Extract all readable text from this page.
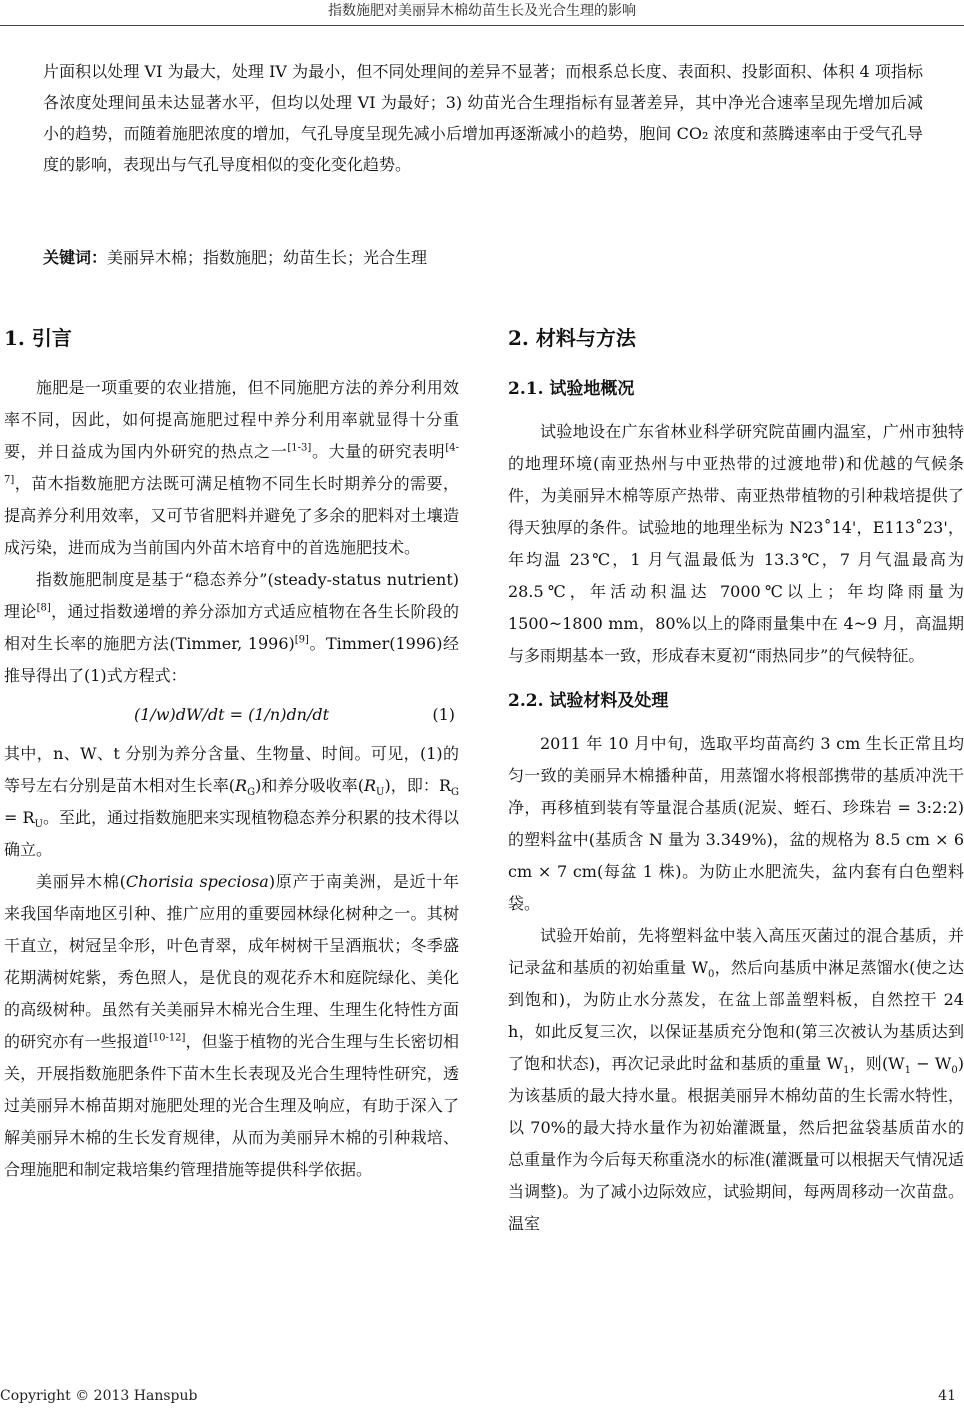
指数施肥对美丽异木棉幼苗生长及光合生理的影响
片面积以处理 VI 为最大，处理 IV 为最小，但不同处理间的差异不显著；而根系总长度、表面积、投影面积、体积 4 项指标各浓度处理间虽未达显著水平，但均以处理 VI 为最好；3) 幼苗光合生理指标有显著差异，其中净光合速率呈现先增加后减小的趋势，而随着施肥浓度的增加，气孔导度呈现先减小后增加再逐渐减小的趋势，胞间 CO₂ 浓度和蒸腾速率由于受气孔导度的影响，表现出与气孔导度相似的变化变化趋势。
关键词：美丽异木棉；指数施肥；幼苗生长；光合生理
1. 引言

施肥是一项重要的农业措施，但不同施肥方法的养分利用效率不同，因此，如何提高施肥过程中养分利用率就显得十分重要，并日益成为国内外研究的热点之一[1-3]。大量的研究表明[4-7]，苗木指数施肥方法既可满足植物不同生长时期养分的需要，提高养分利用效率，又可节省肥料并避免了多余的肥料对土壤造成污染，进而成为当前国内外苗木培育中的首选施肥技术。

指数施肥制度是基于“稳态养分”(steady-status nutrient)理论[8]，通过指数递增的养分添加方式适应植物在各生长阶段的相对生长率的施肥方法(Timmer, 1996)[9]。Timmer(1996)经推导得出了(1)式方程式：

(1/w)dW/dt = (1/n)dn/dt	(1)

其中，n、W、t 分别为养分含量、生物量、时间。可见，(1)的等号左右分别是苗木相对生长率$(R_G)$和养分吸收率$(R_U)$，即：$R_G = R_U$。至此，通过指数施肥来实现植物稳态养分积累的技术得以确立。

美丽异木棉(Chorisia speciosa)原产于南美洲，是近十年来我国华南地区引种、推广应用的重要园林绿化树种之一。其树干直立，树冠呈伞形，叶色青翠，成年树树干呈酒瓶状；冬季盛花期满树姹紫，秀色照人，是优良的观花乔木和庭院绿化、美化的高级树种。虽然有关美丽异木棉光合生理、生理生化特性方面的研究亦有一些报道[10-12]，但鉴于植物的光合生理与生长密切相关，开展指数施肥条件下苗木生长表现及光合生理特性研究，透过美丽异木棉苗期对施肥处理的光合生理及响应，有助于深入了解美丽异木棉的生长发育规律，从而为美丽异木棉的引种栽培、合理施肥和制定栽培集约管理措施等提供科学依据。

2. 材料与方法
2.1. 试验地概况

试验地设在广东省林业科学研究院苗圃内温室，广州市独特的地理环境(南亚热州与中亚热带的过渡地带)和优越的气候条件，为美丽异木棉等原产热带、南亚热带植物的引种栽培提供了得天独厚的条件。试验地的地理坐标为 N23˚14'，E113˚23'，年均温 23℃，1 月气温最低为 13.3℃，7 月气温最高为 28.5℃，年活动积温达 7000℃以上；年均降雨量为 1500~1800 mm，80%以上的降雨量集中在 4~9 月，高温期与多雨期基本一致，形成春末夏初“雨热同步”的气候特征。

2.2. 试验材料及处理

2011 年 10 月中旬，选取平均苗高约 3 cm 生长正常且均匀一致的美丽异木棉播种苗，用蒸馏水将根部携带的基质冲洗干净，再移植到装有等量混合基质(泥炭、蛭石、珍珠岩 = 3:2:2)的塑料盆中(基质含 N 量为 3.349%)，盆的规格为 8.5 cm × 6 cm × 7 cm(每盆 1 株)。为防止水肥流失，盆内套有白色塑料袋。

试验开始前，先将塑料盆中装入高压灭菌过的混合基质，并记录盆和基质的初始重量 $W_0$，然后向基质中淋足蒸馏水(使之达到饱和)，为防止水分蒸发，在盆上部盖塑料板，自然控干 24 h，如此反复三次，以保证基质充分饱和(第三次被认为基质达到了饱和状态)，再次记录此时盆和基质的重量 $W_1$，则$(W_1 - W_0)$为该基质的最大持水量。根据美丽异木棉幼苗的生长需水特性，以 70%的最大持水量作为初始灌溉量，然后把盆袋基质苗水的总重量作为今后每天称重浇水的标准(灌溉量可以根据天气情况适当调整)。为了减小边际效应，试验期间，每两周移动一次苗盘。温室

Copyright © 2013 Hanspub	41
